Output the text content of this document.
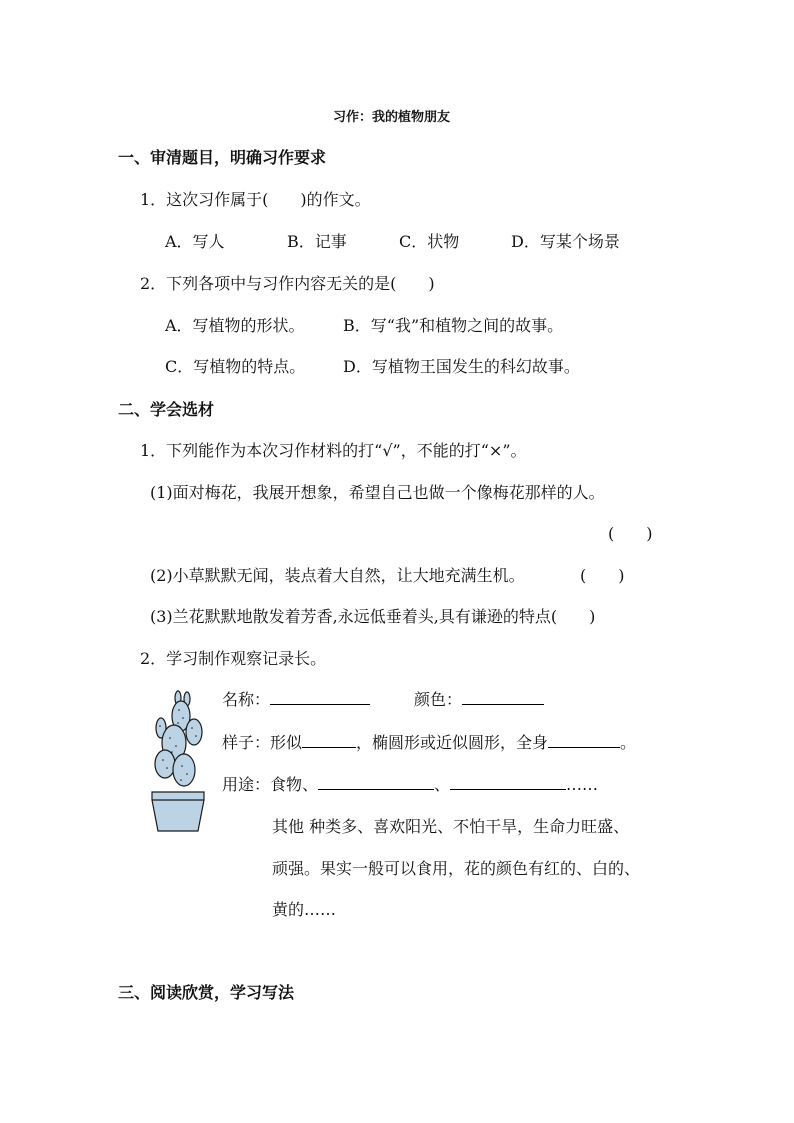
习作：我的植物朋友
一、审清题目，明确习作要求
1．这次习作属于(　　)的作文。
A．写人	B．记事	C．状物	D．写某个场景
2．下列各项中与习作内容无关的是(　　)
A．写植物的形状。 B．写“我”和植物之间的故事。
C．写植物的特点。 D．写植物王国发生的科幻故事。
二、学会选材
1．下列能作为本次习作材料的打“√”，不能的打“×”。
(1)面对梅花，我展开想象，希望自己也做一个像梅花那样的人。
(　　)
(2)小草默默无闻，装点着大自然，让大地充满生机。	(　　)
(3)兰花默默地散发着芳香,永远低垂着头,具有谦逊的特点(　　)
2．学习制作观察记录长。
名称：	颜色：
样子：形似	，椭圆形或近似圆形，全身	。
用途：食物、	、	……
其他 种类多、喜欢阳光、不怕干旱，生命力旺盛、
顽强。果实一般可以食用，花的颜色有红的、白的、
黄的……
三、阅读欣赏，学习写法
